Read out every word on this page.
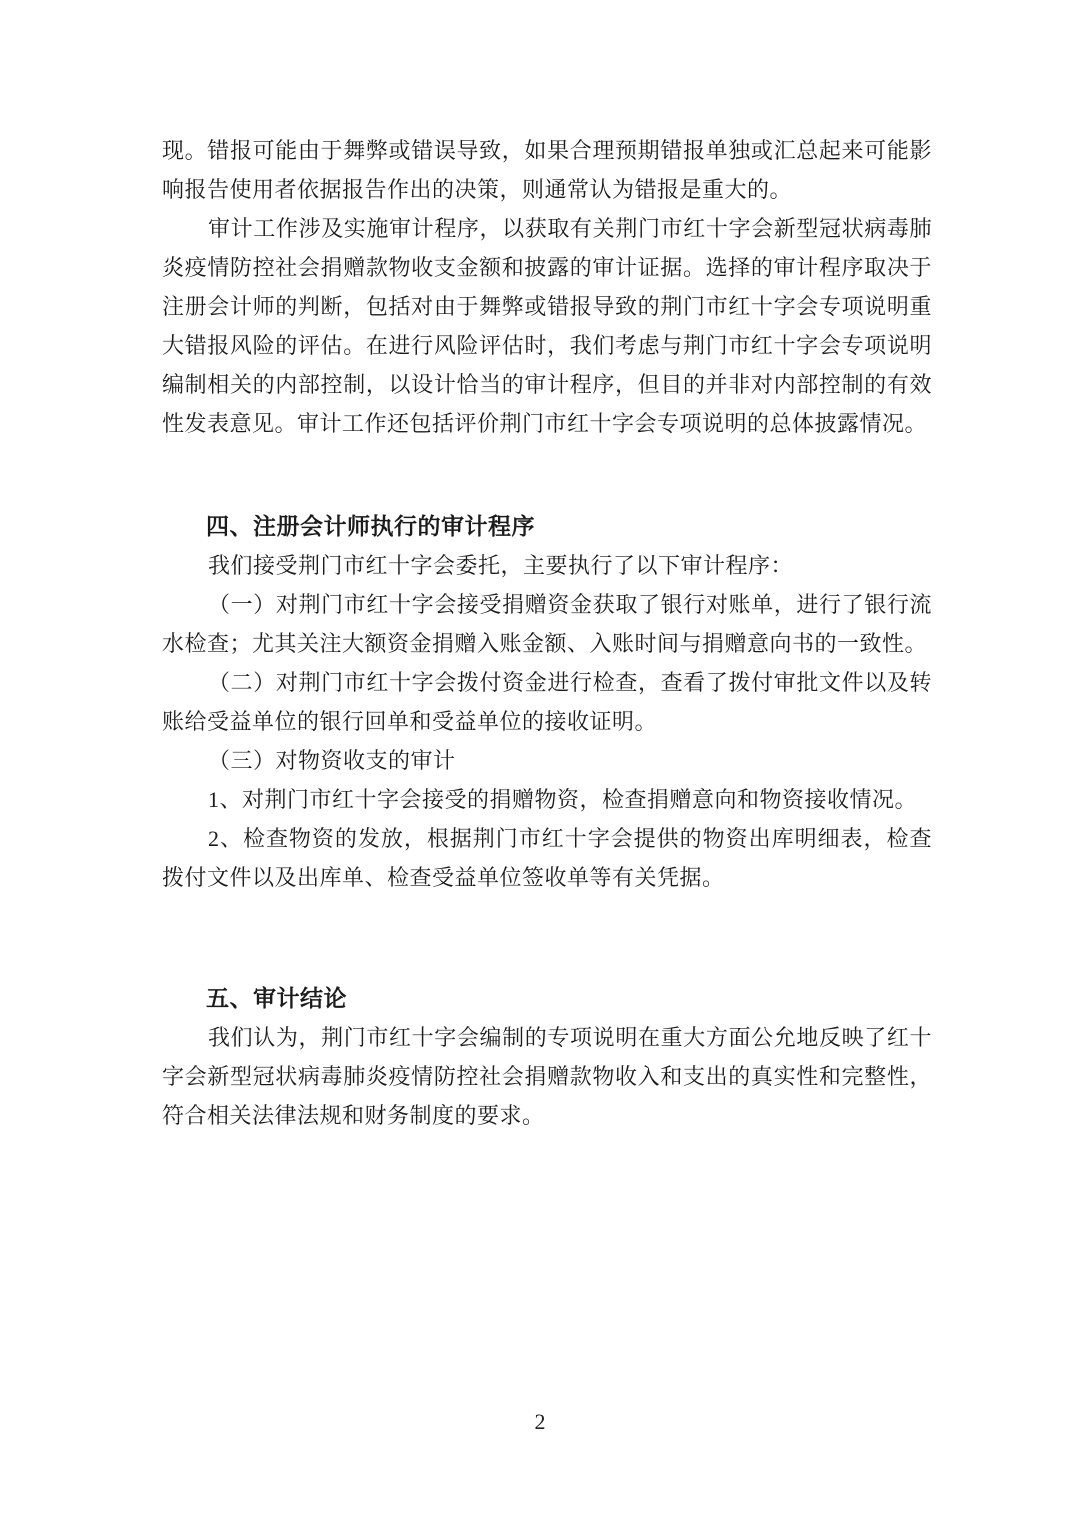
现。错报可能由于舞弊或错误导致，如果合理预期错报单独或汇总起来可能影响报告使用者依据报告作出的决策，则通常认为错报是重大的。

审计工作涉及实施审计程序，以获取有关荆门市红十字会新型冠状病毒肺炎疫情防控社会捐赠款物收支金额和披露的审计证据。选择的审计程序取决于注册会计师的判断，包括对由于舞弊或错报导致的荆门市红十字会专项说明重大错报风险的评估。在进行风险评估时，我们考虑与荆门市红十字会专项说明编制相关的内部控制，以设计恰当的审计程序，但目的并非对内部控制的有效性发表意见。审计工作还包括评价荆门市红十字会专项说明的总体披露情况。

四、注册会计师执行的审计程序

我们接受荆门市红十字会委托，主要执行了以下审计程序：

（一）对荆门市红十字会接受捐赠资金获取了银行对账单，进行了银行流水检查；尤其关注大额资金捐赠入账金额、入账时间与捐赠意向书的一致性。

（二）对荆门市红十字会拨付资金进行检查，查看了拨付审批文件以及转账给受益单位的银行回单和受益单位的接收证明。

（三）对物资收支的审计

1、对荆门市红十字会接受的捐赠物资，检查捐赠意向和物资接收情况。

2、检查物资的发放，根据荆门市红十字会提供的物资出库明细表，检查拨付文件以及出库单、检查受益单位签收单等有关凭据。

五、审计结论

我们认为，荆门市红十字会编制的专项说明在重大方面公允地反映了红十字会新型冠状病毒肺炎疫情防控社会捐赠款物收入和支出的真实性和完整性，符合相关法律法规和财务制度的要求。

2
